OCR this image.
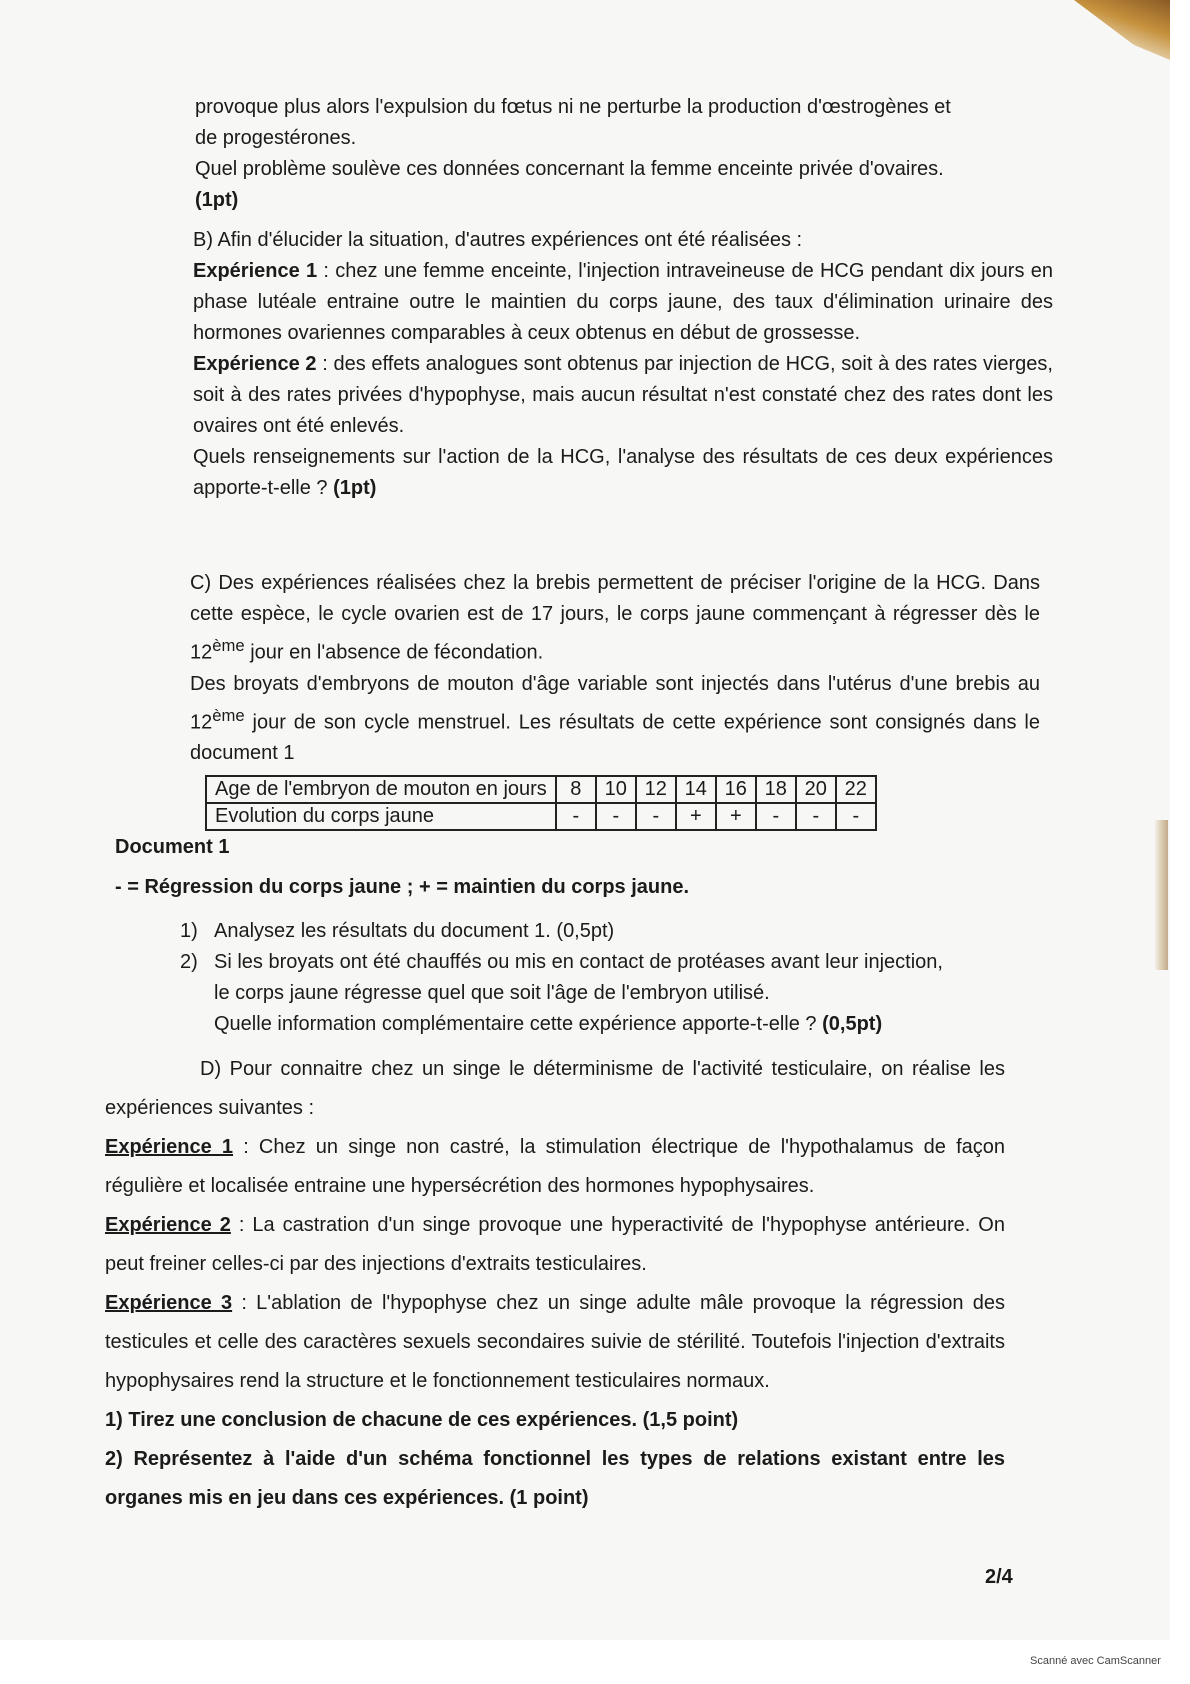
provoque plus alors l'expulsion du fœtus ni ne perturbe la production d'œstrogènes et

de progestérones.

Quel problème soulève ces données concernant la femme enceinte privée d'ovaires.

(1pt)

B) Afin d'élucider la situation, d'autres expériences ont été réalisées :

Expérience 1 : chez une femme enceinte, l'injection intraveineuse de HCG pendant dix jours en phase lutéale entraine outre le maintien du corps jaune, des taux d'élimination urinaire des hormones ovariennes comparables à ceux obtenus en début de grossesse.

Expérience 2 : des effets analogues sont obtenus par injection de HCG, soit à des rates vierges, soit à des rates privées d'hypophyse, mais aucun résultat n'est constaté chez des rates dont les ovaires ont été enlevés.

Quels renseignements sur l'action de la HCG, l'analyse des résultats de ces deux expériences apporte-t-elle ? (1pt)

C) Des expériences réalisées chez la brebis permettent de préciser l'origine de la HCG. Dans cette espèce, le cycle ovarien est de 17 jours, le corps jaune commençant à régresser dès le 12ème jour en l'absence de fécondation.

Des broyats d'embryons de mouton d'âge variable sont injectés dans l'utérus d'une brebis au 12ème jour de son cycle menstruel. Les résultats de cette expérience sont consignés dans le document 1

Age de l'embryon de mouton en jours	8	10	12	14	16	18	20	22
Evolution du corps jaune	-	-	-	+	+	-	-	-

Document 1

- = Régression du corps jaune ; + = maintien du corps jaune.

1) Analysez les résultats du document 1. (0,5pt)
2) Si les broyats ont été chauffés ou mis en contact de protéases avant leur injection,

le corps jaune régresse quel que soit l'âge de l'embryon utilisé.

Quelle information complémentaire cette expérience apporte-t-elle ? (0,5pt)

D) Pour connaitre chez un singe le déterminisme de l'activité testiculaire, on réalise les expériences suivantes :

Expérience 1 : Chez un singe non castré, la stimulation électrique de l'hypothalamus de façon régulière et localisée entraine une hypersécrétion des hormones hypophysaires.

Expérience 2 : La castration d'un singe provoque une hyperactivité de l'hypophyse antérieure. On peut freiner celles-ci par des injections d'extraits testiculaires.

Expérience 3 : L'ablation de l'hypophyse chez un singe adulte mâle provoque la régression des testicules et celle des caractères sexuels secondaires suivie de stérilité. Toutefois l'injection d'extraits hypophysaires rend la structure et le fonctionnement testiculaires normaux.

1) Tirez une conclusion de chacune de ces expériences. (1,5 point)

2) Représentez à l'aide d'un schéma fonctionnel les types de relations existant entre les organes mis en jeu dans ces expériences. (1 point)

2/4

Scanné avec CamScanner
